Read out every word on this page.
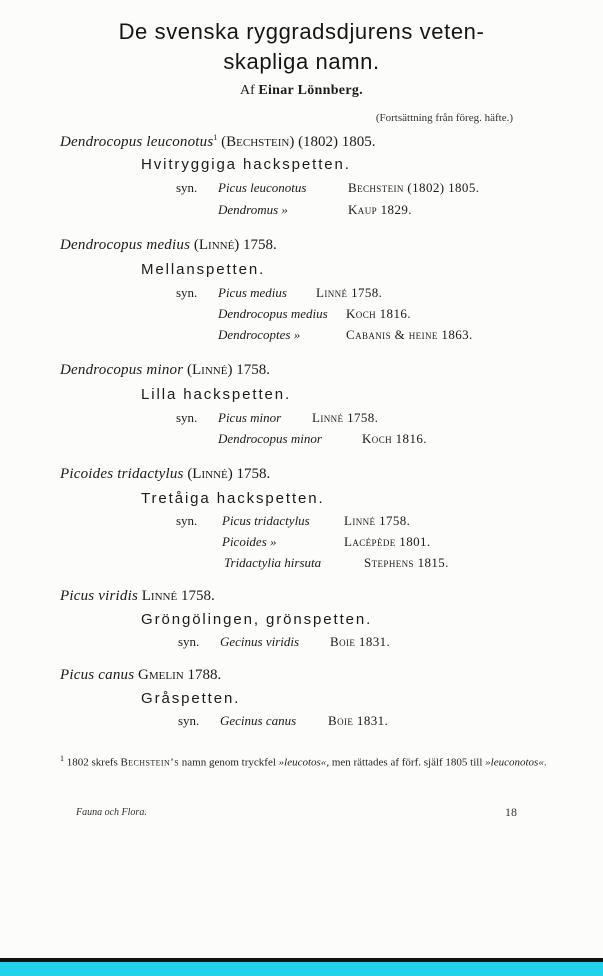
De svenska ryggradsdjurens veten-
skapliga namn.
Af Einar Lönnberg.
(Fortsättning från föreg. häfte.)
Dendrocopus leuconotus$^1$ (Bechstein) (1802) 1805.
Hvitryggiga hackspetten.
syn. Picus leuconotus	Bechstein (1802) 1805.
Dendromus »	Kaup 1829.
Dendrocopus medius (Linné) 1758.
Mellanspetten.
syn. Picus medius Linné 1758.
Dendrocopus medius Koch 1816.
Dendrocoptes »	Cabanis & heine 1863.
Dendrocopus minor (Linné) 1758.
Lilla hackspetten.
syn. Picus minor Linné 1758.
Dendrocopus minor	Koch 1816.
Picoides tridactylus (Linné) 1758.
Tretåiga hackspetten.
syn. Picus tridactylus	Linné 1758.
Picoides »	Lacépède 1801.
Tridactylia hirsuta	Stephens 1815.
Picus viridis Linné 1758.
Gröngölingen, grönspetten.
syn. Gecinus viridis Boie 1831.
Picus canus Gmelin 1788.
Gråspetten.
syn. Gecinus canus Boie 1831.
$^1$ 1802 skrefs Bechstein’s namn genom tryckfel »leucotos«, men rättades af förf. själf 1805 till »leuconotos«.
Fauna och Flora.	18
